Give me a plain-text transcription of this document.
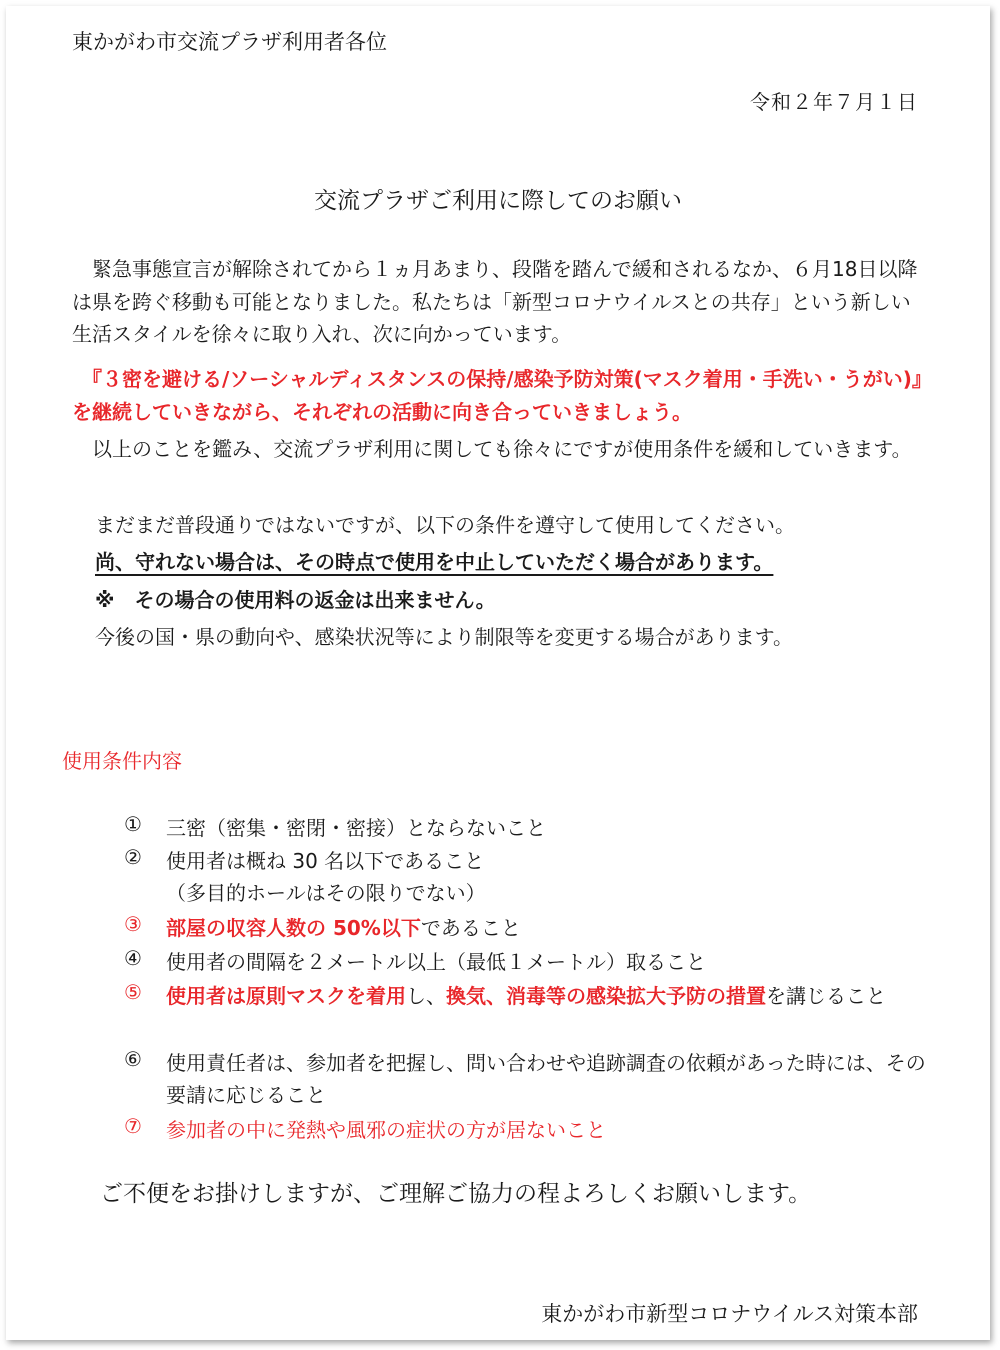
東かがわ市交流プラザ利用者各位
令和２年７月１日
交流プラザご利用に際してのお願い
　緊急事態宣言が解除されてから１ヵ月あまり、段階を踏んで緩和されるなか、６月18日以降は県を跨ぐ移動も可能となりました。私たちは「新型コロナウイルスとの共存」という新しい生活スタイルを徐々に取り入れ、次に向かっています。
　『３密を避ける/ソーシャルディスタンスの保持/感染予防対策(マスク着用・手洗い・うがい)』を継続していきながら、それぞれの活動に向き合っていきましょう。
　以上のことを鑑み、交流プラザ利用に関しても徐々にですが使用条件を緩和していきます。
まだまだ普段通りではないですが、以下の条件を遵守して使用してください。
尚、守れない場合は、その時点で使用を中止していただく場合があります。
※　その場合の使用料の返金は出来ません。
今後の国・県の動向や、感染状況等により制限等を変更する場合があります。
使用条件内容
①	三密（密集・密閉・密接）とならないこと
②	使用者は概ね 30 名以下であること
（多目的ホールはその限りでない）
③	部屋の収容人数の 50%以下であること
④	使用者の間隔を２メートル以上（最低１メートル）取ること
⑤	使用者は原則マスクを着用し、換気、消毒等の感染拡大予防の措置を講じること
⑥	使用責任者は、参加者を把握し、問い合わせや追跡調査の依頼があった時には、その要請に応じること
⑦	参加者の中に発熱や風邪の症状の方が居ないこと
ご不便をお掛けしますが、ご理解ご協力の程よろしくお願いします。
東かがわ市新型コロナウイルス対策本部
